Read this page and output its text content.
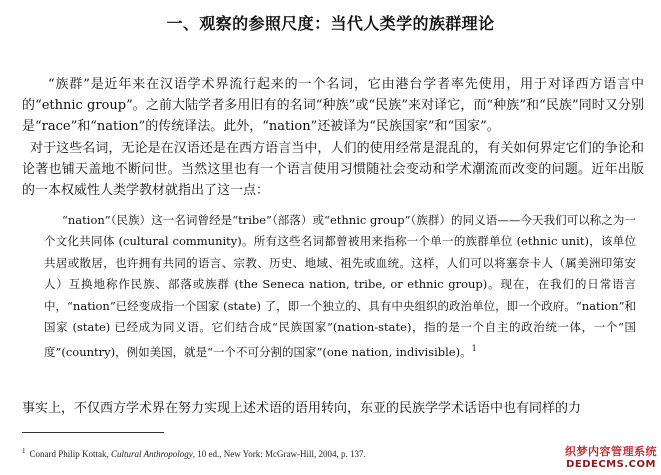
一、观察的参照尺度：当代人类学的族群理论
“族群”是近年来在汉语学术界流行起来的一个名词，它由港台学者率先使用，用于对译西方语言中的“ethnic group”。之前大陆学者多用旧有的名词“种族”或“民族”来对译它，而“种族”和“民族”同时又分别是“race”和“nation”的传统译法。此外，“nation”还被译为“民族国家”和“国家”。
对于这些名词，无论是在汉语还是在西方语言当中，人们的使用经常是混乱的，有关如何界定它们的争论和论著也铺天盖地不断问世。当然这里也有一个语言使用习惯随社会变动和学术潮流而改变的问题。近年出版的一本权威性人类学教材就指出了这一点：
“nation”（民族）这一名词曾经是“tribe”（部落）或“ethnic group”（族群）的同义语——今天我们可以称之为一个文化共同体 (cultural community)。所有这些名词都曾被用来指称一个单一的族群单位 (ethnic unit)，该单位共居或散居，也许拥有共同的语言、宗教、历史、地域、祖先或血统。这样，人们可以将塞奈卡人（属美洲印第安人）互换地称作民族、部落或族群 (the Seneca nation, tribe, or ethnic group)。现在，在我们的日常语言中，“nation”已经变成指一个国家 (state) 了，即一个独立的、具有中央组织的政治单位，即一个政府。“nation”和国家 (state) 已经成为同义语。它们结合成“民族国家”(nation-state)，指的是一个自主的政治统一体，一个“国度”(country)，例如美国，就是“一个不可分割的国家”(one nation, indivisible)。$^1$
事实上，不仅西方学术界在努力实现上述术语的语用转向，东亚的民族学学术话语中也有同样的力
$^1$ Conard Philip Kottak, Cultural Anthropology, 10 ed., New York: McGraw-Hill, 2004, p. 137.	织梦内容管理系统
DEDECMS.COM
